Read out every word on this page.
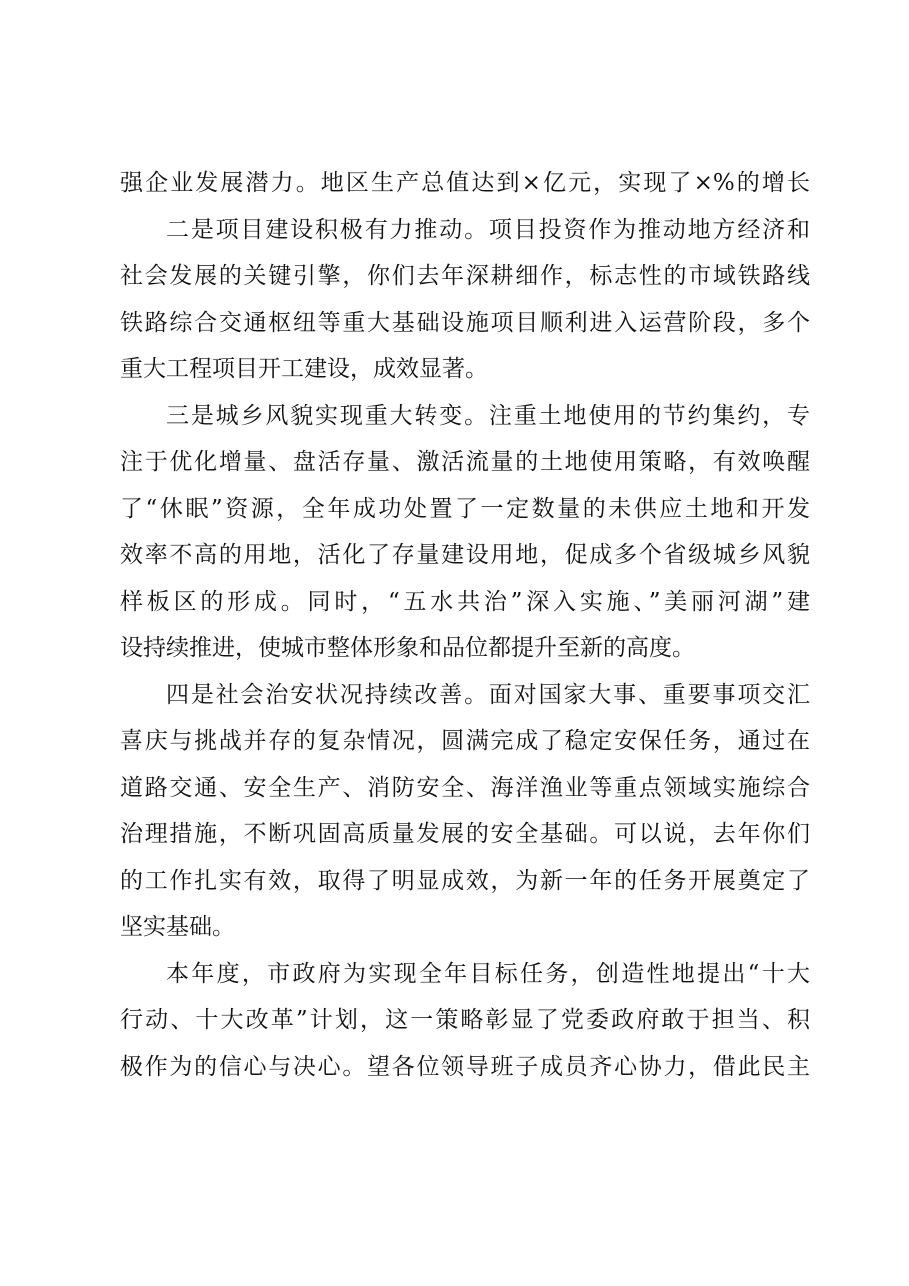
强企业发展潜力。地区生产总值达到×亿元，实现了×%的增长
二是项目建设积极有力推动。项目投资作为推动地方经济和
社会发展的关键引擎，你们去年深耕细作，标志性的市域铁路线
铁路综合交通枢纽等重大基础设施项目顺利进入运营阶段，多个
重大工程项目开工建设，成效显著。
三是城乡风貌实现重大转变。注重土地使用的节约集约，专
注于优化增量、盘活存量、激活流量的土地使用策略，有效唤醒
了“休眠”资源，全年成功处置了一定数量的未供应土地和开发
效率不高的用地，活化了存量建设用地，促成多个省级城乡风貌
样板区的形成。同时，“五水共治”深入实施、”美丽河湖”建
设持续推进，使城市整体形象和品位都提升至新的高度。
四是社会治安状况持续改善。面对国家大事、重要事项交汇
喜庆与挑战并存的复杂情况，圆满完成了稳定安保任务，通过在
道路交通、安全生产、消防安全、海洋渔业等重点领域实施综合
治理措施，不断巩固高质量发展的安全基础。可以说，去年你们
的工作扎实有效，取得了明显成效，为新一年的任务开展奠定了
坚实基础。
本年度，市政府为实现全年目标任务，创造性地提出“十大
行动、十大改革”计划，这一策略彰显了党委政府敢于担当、积
极作为的信心与决心。望各位领导班子成员齐心协力，借此民主
